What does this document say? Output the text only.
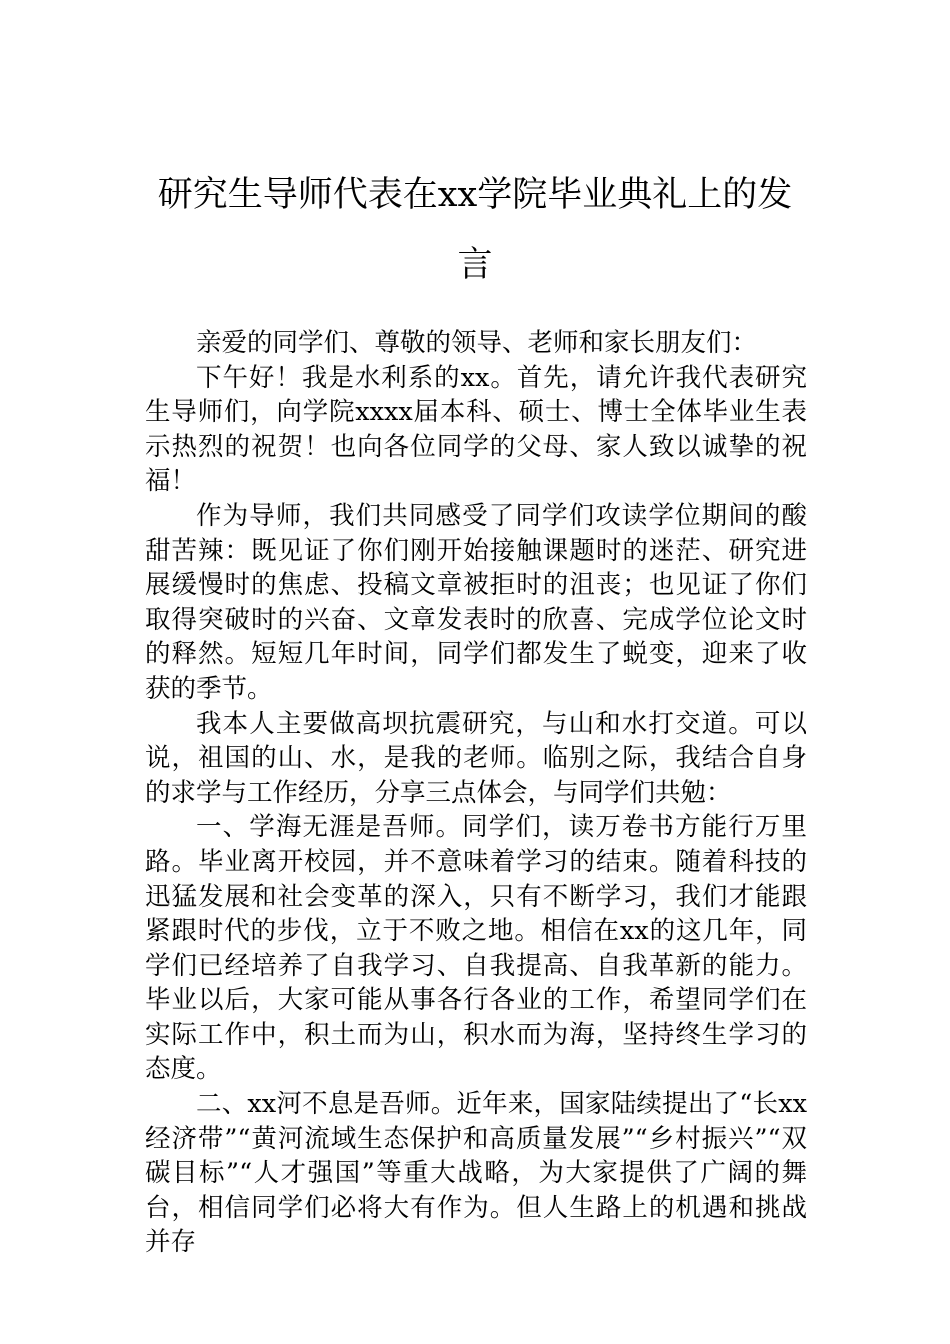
研究生导师代表在xx学院毕业典礼上的发言

亲爱的同学们、尊敬的领导、老师和家长朋友们：

下午好！我是水利系的xx。首先，请允许我代表研究生导师们，向学院xxxx届本科、硕士、博士全体毕业生表示热烈的祝贺！也向各位同学的父母、家人致以诚挚的祝福！

作为导师，我们共同感受了同学们攻读学位期间的酸甜苦辣：既见证了你们刚开始接触课题时的迷茫、研究进展缓慢时的焦虑、投稿文章被拒时的沮丧；也见证了你们取得突破时的兴奋、文章发表时的欣喜、完成学位论文时的释然。短短几年时间，同学们都发生了蜕变，迎来了收获的季节。

我本人主要做高坝抗震研究，与山和水打交道。可以说，祖国的山、水，是我的老师。临别之际，我结合自身的求学与工作经历，分享三点体会，与同学们共勉：

一、学海无涯是吾师。同学们，读万卷书方能行万里路。毕业离开校园，并不意味着学习的结束。随着科技的迅猛发展和社会变革的深入，只有不断学习，我们才能跟紧跟时代的步伐，立于不败之地。相信在xx的这几年，同学们已经培养了自我学习、自我提高、自我革新的能力。毕业以后，大家可能从事各行各业的工作，希望同学们在实际工作中，积土而为山，积水而为海，坚持终生学习的态度。

二、xx河不息是吾师。近年来，国家陆续提出了“长xx经济带”“黄河流域生态保护和高质量发展”“乡村振兴”“双碳目标”“人才强国”等重大战略，为大家提供了广阔的舞台，相信同学们必将大有作为。但人生路上的机遇和挑战并存
